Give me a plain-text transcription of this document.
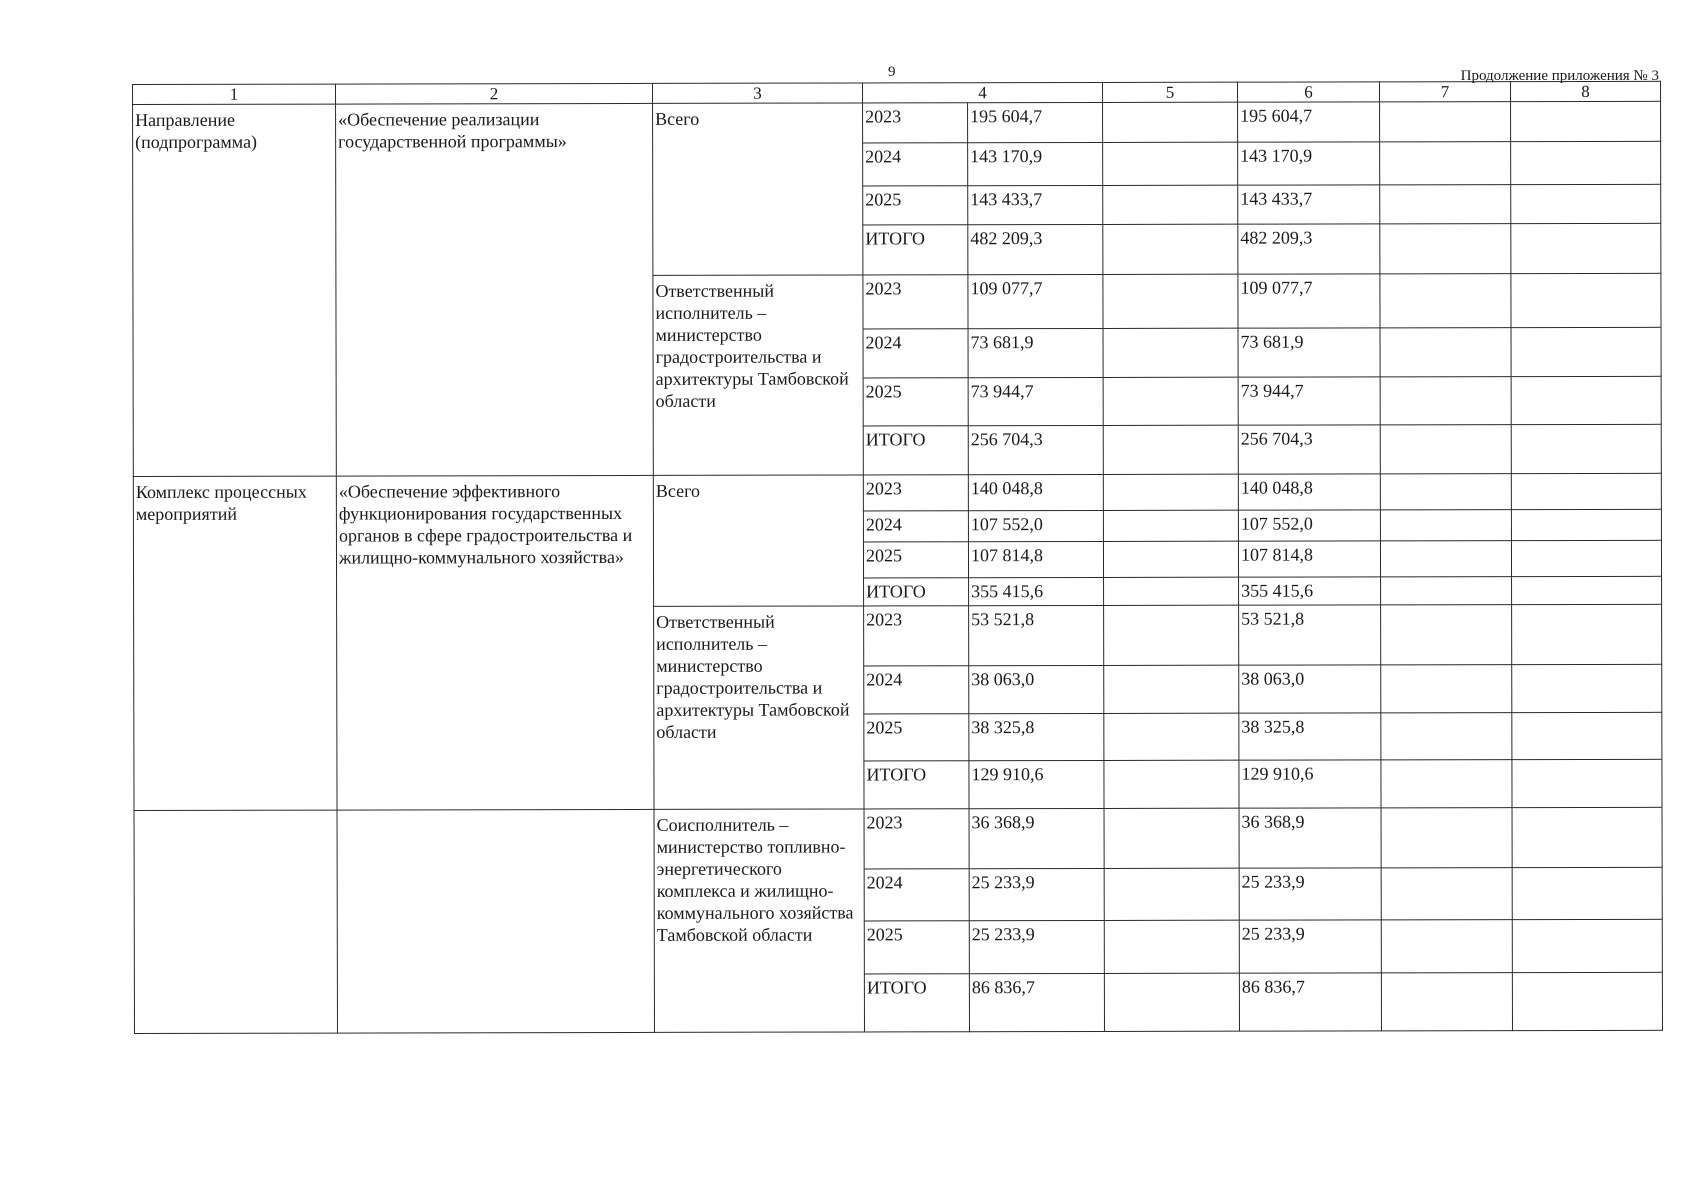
9	Продолжение приложения № 3
1	2	3	4		5	6	7	8
Направление (подпрограмма)	«Обеспечение реализации государственной программы»	Всего	2023	195 604,7		195 604,7		
			2024	143 170,9		143 170,9		
			2025	143 433,7		143 433,7		
			ИТОГО	482 209,3		482 209,3		
		Ответственный исполнитель – министерство градостроительства и архитектуры Тамбовской области	2023	109 077,7		109 077,7		
			2024	73 681,9		73 681,9		
			2025	73 944,7		73 944,7		
			ИТОГО	256 704,3		256 704,3		
Комплекс процессных мероприятий	«Обеспечение эффективного функционирования государственных органов в сфере градостроительства и жилищно-коммунального хозяйства»	Всего	2023	140 048,8		140 048,8		
			2024	107 552,0		107 552,0		
			2025	107 814,8		107 814,8		
			ИТОГО	355 415,6		355 415,6		
		Ответственный исполнитель – министерство градостроительства и архитектуры Тамбовской области	2023	53 521,8		53 521,8		
			2024	38 063,0		38 063,0		
			2025	38 325,8		38 325,8		
			ИТОГО	129 910,6		129 910,6		
		Соисполнитель – министерство топливно-энергетического комплекса и жилищно-коммунального хозяйства Тамбовской области	2023	36 368,9		36 368,9		
			2024	25 233,9		25 233,9		
			2025	25 233,9		25 233,9		
			ИТОГО	86 836,7		86 836,7		
